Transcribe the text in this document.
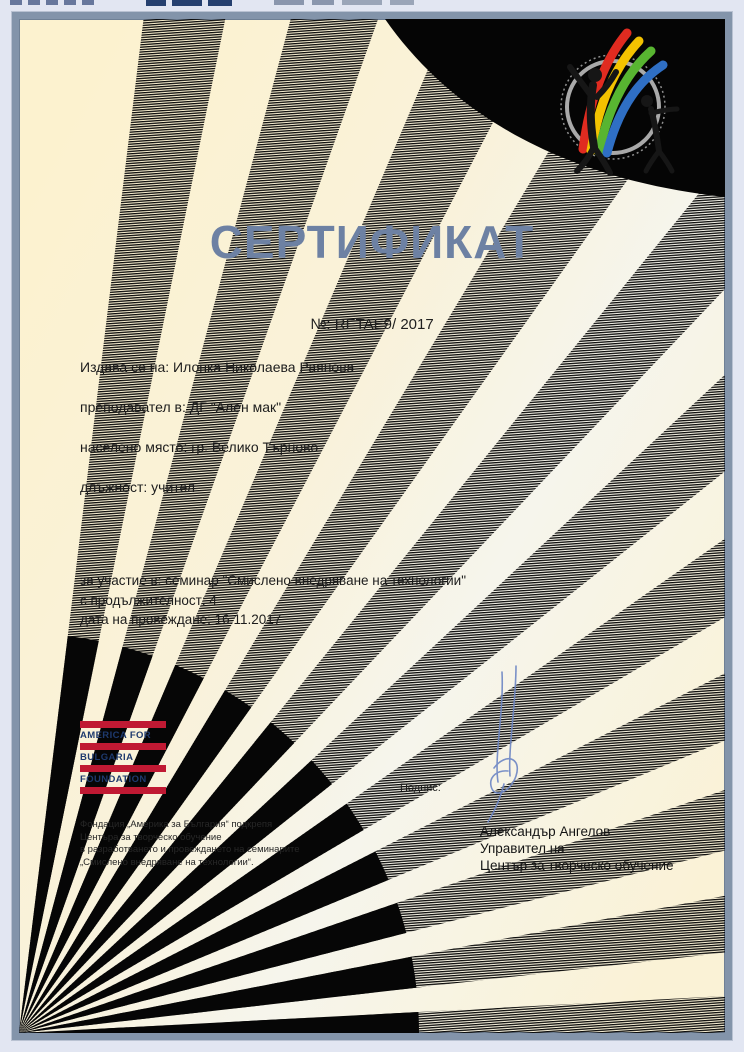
СЕРТИФИКАТ
№: RETAE9/ 2017
Издава се на: Илонка Николаева Раянова
преподавател в: ДГ "Ален мак"
населено място: гр. Велико Търново
длъжност: учител
за участие в: семинар "Смислено внедряване на технологии"
с продължителност: 4
дата на провеждане: 16.11.2017
AMERICA FOR
BULGARIA
FOUNDATION
Фондация „Америка за България“ подкрепя
Центъра за творческо обучение
в разработването и провеждането на семинарите
„Смислено внедряване на технологии“.
Подпис:
Александър Ангелов
Управител на
Център за творческо обучение
